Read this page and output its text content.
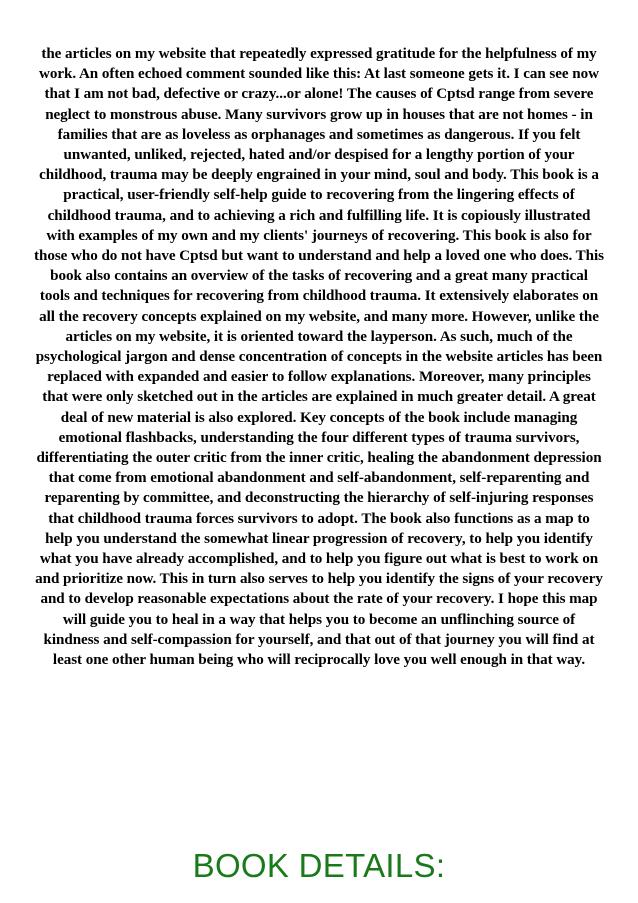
the articles on my website that repeatedly expressed gratitude for the helpfulness of my work. An often echoed comment sounded like this: At last someone gets it. I can see now that I am not bad, defective or crazy...or alone! The causes of Cptsd range from severe neglect to monstrous abuse. Many survivors grow up in houses that are not homes - in families that are as loveless as orphanages and sometimes as dangerous. If you felt unwanted, unliked, rejected, hated and/or despised for a lengthy portion of your childhood, trauma may be deeply engrained in your mind, soul and body. This book is a practical, user-friendly self-help guide to recovering from the lingering effects of childhood trauma, and to achieving a rich and fulfilling life. It is copiously illustrated with examples of my own and my clients' journeys of recovering. This book is also for those who do not have Cptsd but want to understand and help a loved one who does. This book also contains an overview of the tasks of recovering and a great many practical tools and techniques for recovering from childhood trauma. It extensively elaborates on all the recovery concepts explained on my website, and many more. However, unlike the articles on my website, it is oriented toward the layperson. As such, much of the psychological jargon and dense concentration of concepts in the website articles has been replaced with expanded and easier to follow explanations. Moreover, many principles that were only sketched out in the articles are explained in much greater detail. A great deal of new material is also explored. Key concepts of the book include managing emotional flashbacks, understanding the four different types of trauma survivors, differentiating the outer critic from the inner critic, healing the abandonment depression that come from emotional abandonment and self-abandonment, self-reparenting and reparenting by committee, and deconstructing the hierarchy of self-injuring responses that childhood trauma forces survivors to adopt. The book also functions as a map to help you understand the somewhat linear progression of recovery, to help you identify what you have already accomplished, and to help you figure out what is best to work on and prioritize now. This in turn also serves to help you identify the signs of your recovery and to develop reasonable expectations about the rate of your recovery. I hope this map will guide you to heal in a way that helps you to become an unflinching source of kindness and self-compassion for yourself, and that out of that journey you will find at least one other human being who will reciprocally love you well enough in that way.

BOOK DETAILS:
